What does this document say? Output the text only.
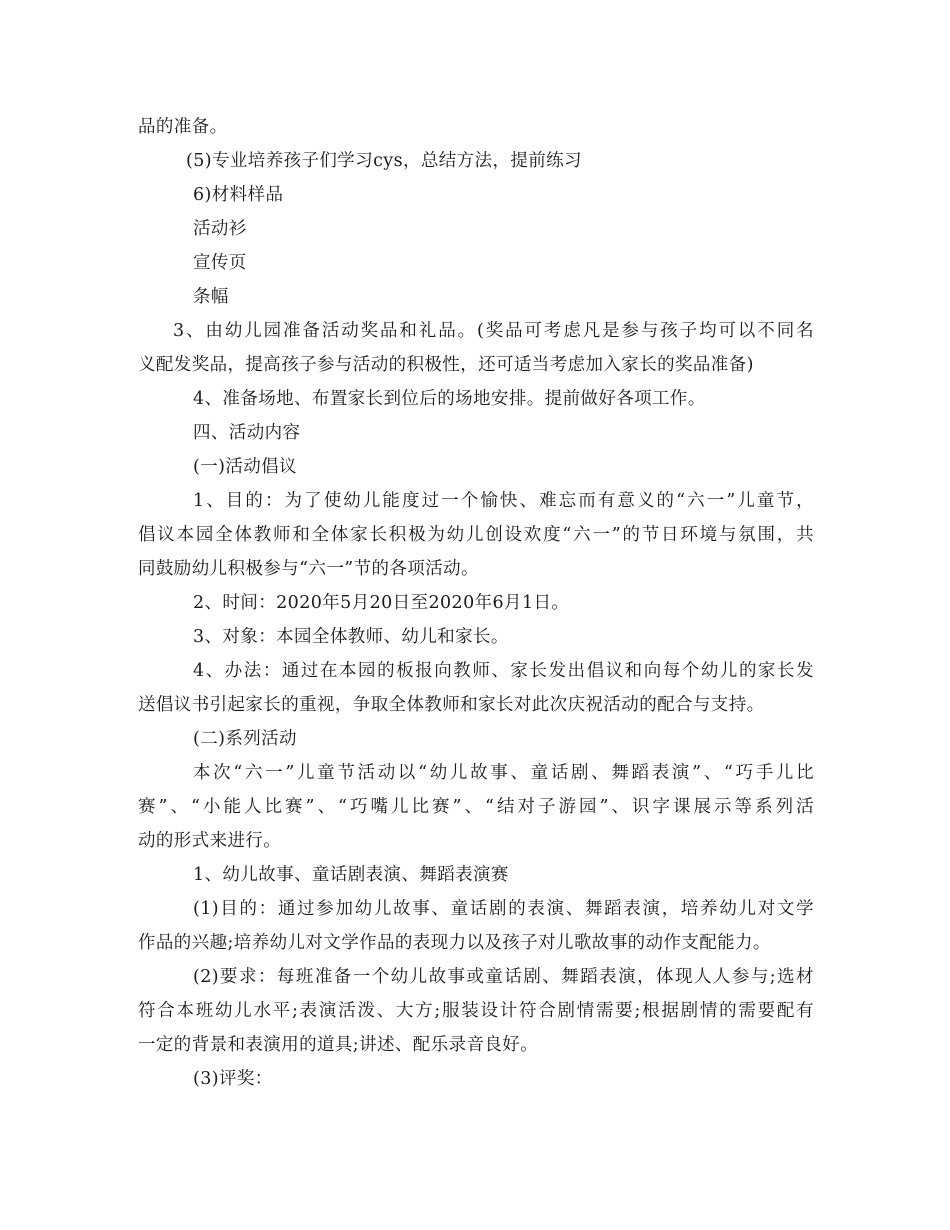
品的准备。
(5)专业培养孩子们学习cys，总结方法，提前练习
6)材料样品
活动衫
宣传页
条幅
3、由幼儿园准备活动奖品和礼品。(奖品可考虑凡是参与孩子均可以不同名
义配发奖品，提高孩子参与活动的积极性，还可适当考虑加入家长的奖品准备)
4、准备场地、布置家长到位后的场地安排。提前做好各项工作。
四、活动内容
(一)活动倡议
1、目的：为了使幼儿能度过一个愉快、难忘而有意义的“六一”儿童节，
倡议本园全体教师和全体家长积极为幼儿创设欢度“六一”的节日环境与氛围，共
同鼓励幼儿积极参与“六一”节的各项活动。
2、时间：2020年5月20日至2020年6月1日。
3、对象：本园全体教师、幼儿和家长。
4、办法：通过在本园的板报向教师、家长发出倡议和向每个幼儿的家长发
送倡议书引起家长的重视，争取全体教师和家长对此次庆祝活动的配合与支持。
(二)系列活动
本次“六一”儿童节活动以“幼儿故事、童话剧、舞蹈表演”、“巧手儿比
赛”、“小能人比赛”、“巧嘴儿比赛”、“结对子游园”、识字课展示等系列活
动的形式来进行。
1、幼儿故事、童话剧表演、舞蹈表演赛
(1)目的：通过参加幼儿故事、童话剧的表演、舞蹈表演，培养幼儿对文学
作品的兴趣;培养幼儿对文学作品的表现力以及孩子对儿歌故事的动作支配能力。
(2)要求：每班准备一个幼儿故事或童话剧、舞蹈表演，体现人人参与;选材
符合本班幼儿水平;表演活泼、大方;服装设计符合剧情需要;根据剧情的需要配有
一定的背景和表演用的道具;讲述、配乐录音良好。
(3)评奖：
